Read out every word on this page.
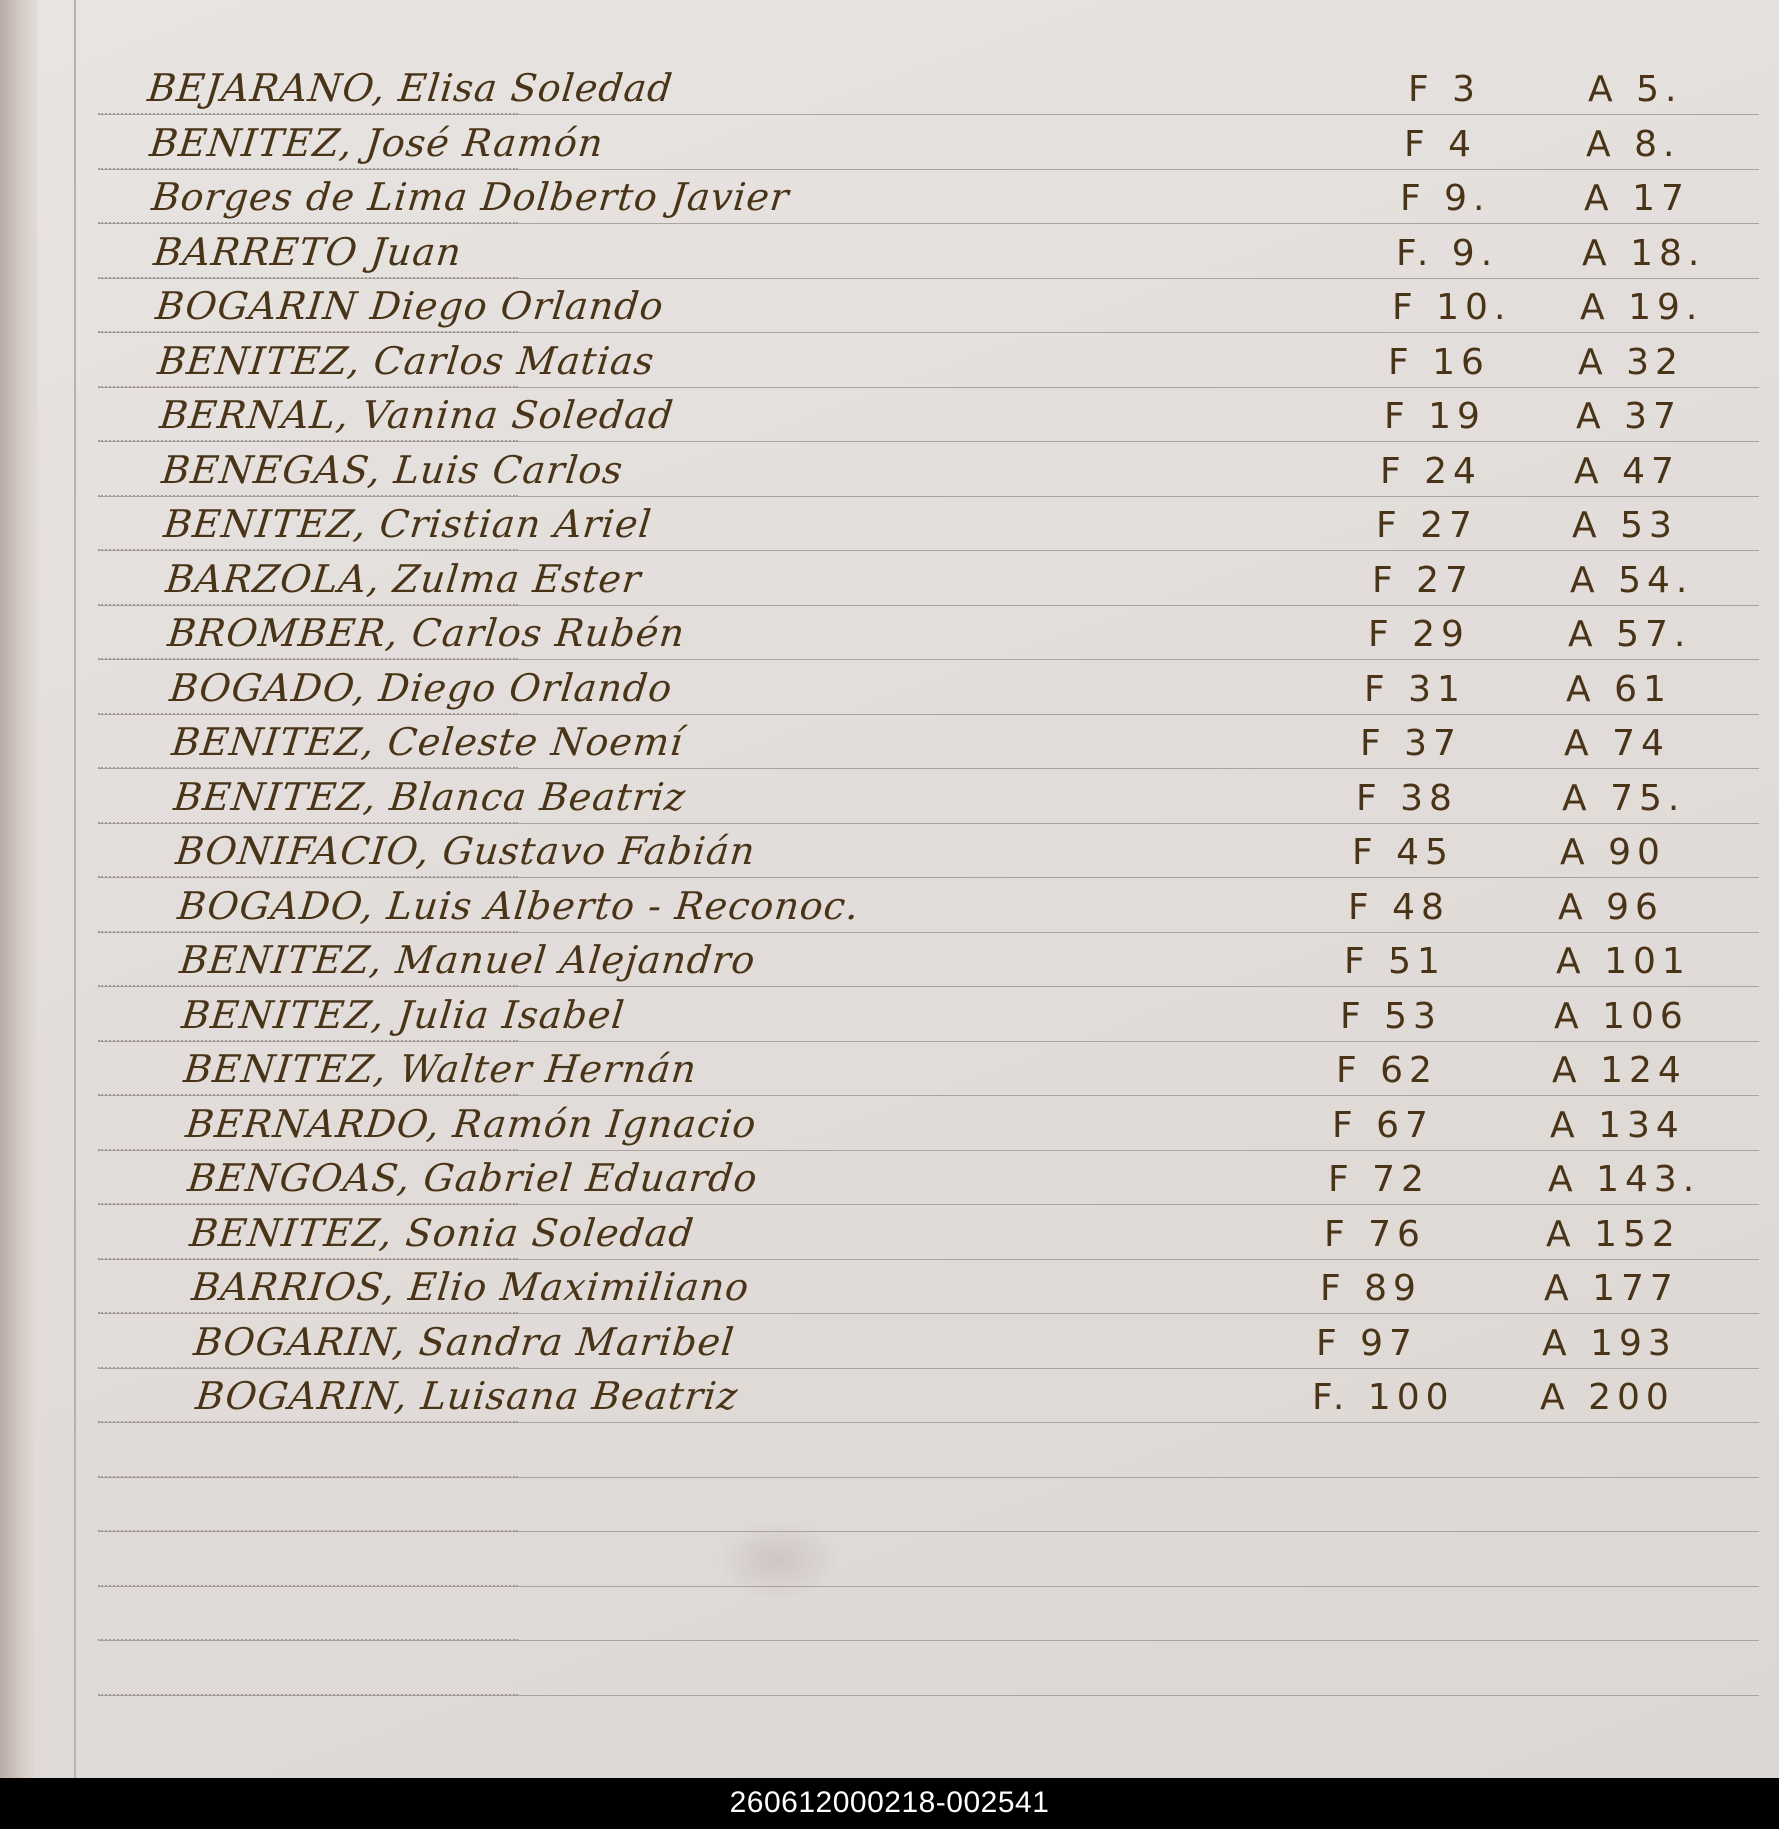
BEJARANO, Elisa Soledad	F 3	A 5.
BENITEZ, José Ramón	F 4	A 8.
Borges de Lima Dolberto Javier	F 9.	A 17
BARRETO Juan	F. 9. A 18.
BOGARIN Diego Orlando	F 10. A 19.
BENITEZ, Carlos Matias	F 16 A 32
BERNAL, Vanina Soledad	F 19	A 37
BENEGAS, Luis Carlos	F 24	A 47
BENITEZ, Cristian Ariel	F 27	A 53
BARZOLA, Zulma Ester	F 27	A 54.
BROMBER, Carlos Rubén	F 29	A 57.
BOGADO, Diego Orlando	F 31	A 61
BENITEZ, Celeste Noemí	F 37	A 74
BENITEZ, Blanca Beatriz	F 38	A 75.
BONIFACIO, Gustavo Fabián	F 45	A 90
BOGADO, Luis Alberto - Reconoc.	F 48	A 96
BENITEZ, Manuel Alejandro	F 51	A 101
BENITEZ, Julia Isabel	F 53	A 106
BENITEZ, Walter Hernán	F 62	A 124
BERNARDO, Ramón Ignacio	F 67	A 134
BENGOAS, Gabriel Eduardo	F 72	A 143.
BENITEZ, Sonia Soledad	F 76	A 152
BARRIOS, Elio Maximiliano	F 89	A 177
BOGARIN, Sandra Maribel	F 97	A 193
BOGARIN, Luisana Beatriz	F. 100 A 200
260612000218-002541
